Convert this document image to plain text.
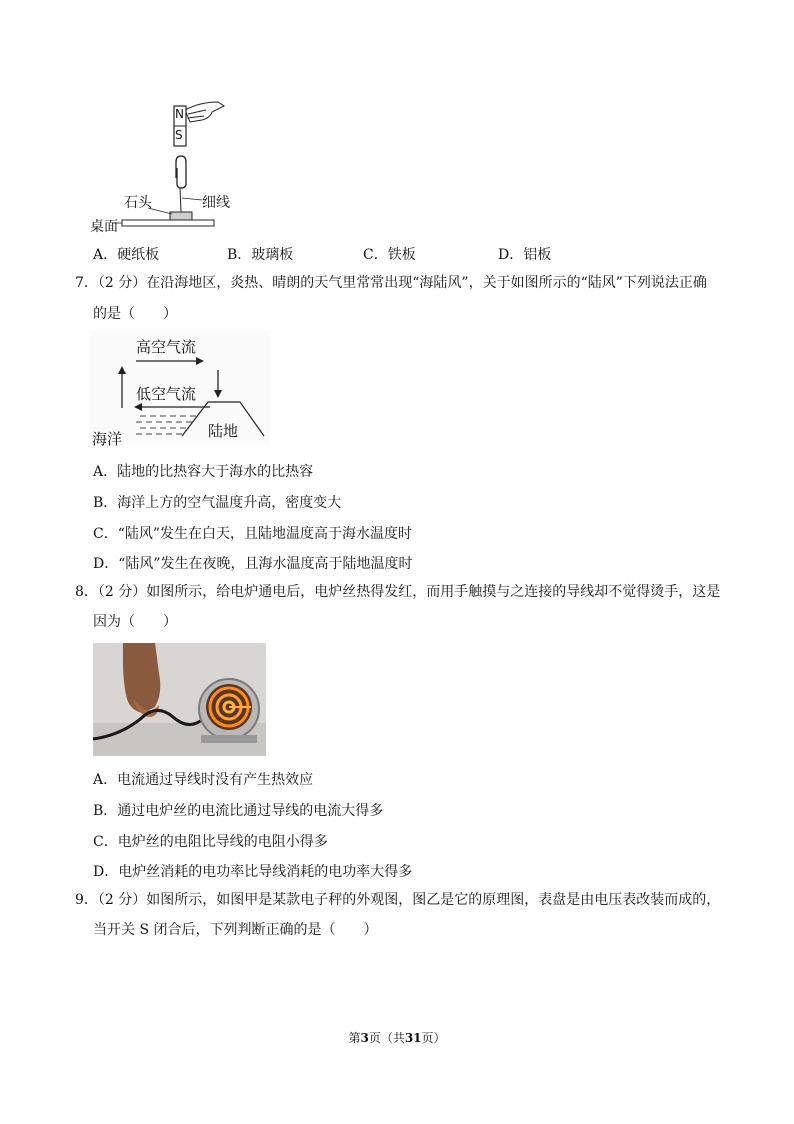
N
S
石头	细线
桌面
A．硬纸板	B．玻璃板	C．铁板	D．铝板
7．（2 分）在沿海地区，炎热、晴朗的天气里常常出现“海陆风”，关于如图所示的“陆风”下列说法正确
的是（　　）
高空气流
低空气流
海洋	陆地
A．陆地的比热容大于海水的比热容
B．海洋上方的空气温度升高，密度变大
C．“陆风”发生在白天，且陆地温度高于海水温度时
D．“陆风”发生在夜晚，且海水温度高于陆地温度时
8．（2 分）如图所示，给电炉通电后，电炉丝热得发红，而用手触摸与之连接的导线却不觉得烫手，这是
因为（　　）
A．电流通过导线时没有产生热效应
B．通过电炉丝的电流比通过导线的电流大得多
C．电炉丝的电阻比导线的电阻小得多
D．电炉丝消耗的电功率比导线消耗的电功率大得多
9．（2 分）如图所示，如图甲是某款电子秤的外观图，图乙是它的原理图，表盘是由电压表改装而成的，
当开关 S 闭合后，下列判断正确的是（　　）
第3页（共31页）
